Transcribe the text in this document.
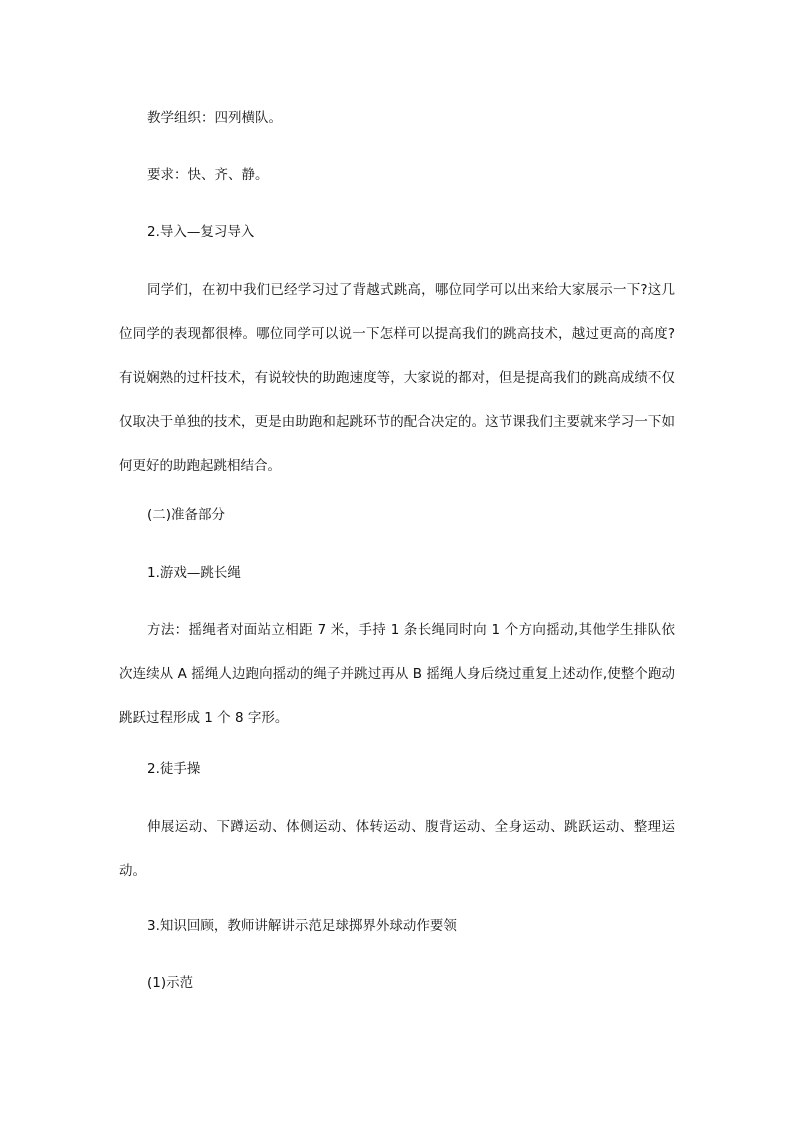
教学组织：四列横队。

要求：快、齐、静。

2.导入—复习导入

同学们，在初中我们已经学习过了背越式跳高，哪位同学可以出来给大家展示一下?这几位同学的表现都很棒。哪位同学可以说一下怎样可以提高我们的跳高技术，越过更高的高度?有说娴熟的过杆技术，有说较快的助跑速度等，大家说的都对，但是提高我们的跳高成绩不仅仅取决于单独的技术，更是由助跑和起跳环节的配合决定的。这节课我们主要就来学习一下如何更好的助跑起跳相结合。

(二)准备部分

1.游戏—跳长绳

方法：摇绳者对面站立相距 7 米，手持 1 条长绳同时向 1 个方向摇动,其他学生排队依次连续从 A 摇绳人边跑向摇动的绳子并跳过再从 B 摇绳人身后绕过重复上述动作,使整个跑动跳跃过程形成 1 个 8 字形。

2.徒手操

伸展运动、下蹲运动、体侧运动、体转运动、腹背运动、全身运动、跳跃运动、整理运动。

3.知识回顾，教师讲解讲示范足球掷界外球动作要领

(1)示范
